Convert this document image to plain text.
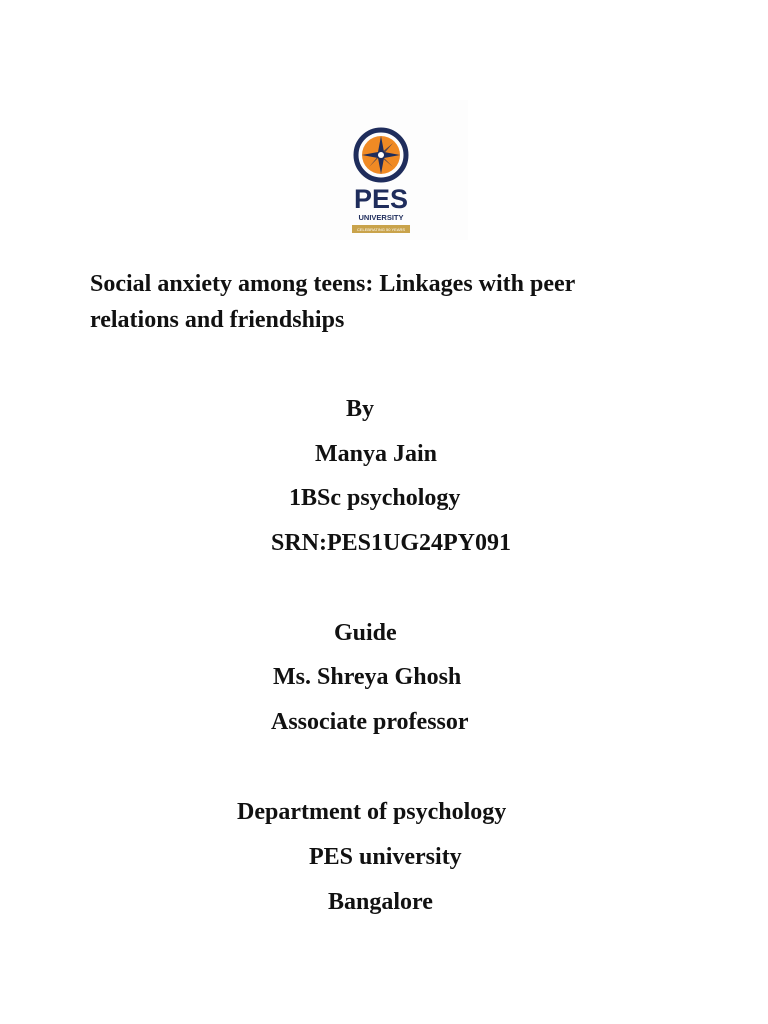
PES
UNIVERSITY
CELEBRATING 50 YEARS
Social anxiety among teens: Linkages with peer
relations and friendships
By
Manya Jain
1BSc psychology
SRN:PES1UG24PY091
Guide
Ms. Shreya Ghosh
Associate professor
Department of psychology
PES university
Bangalore
